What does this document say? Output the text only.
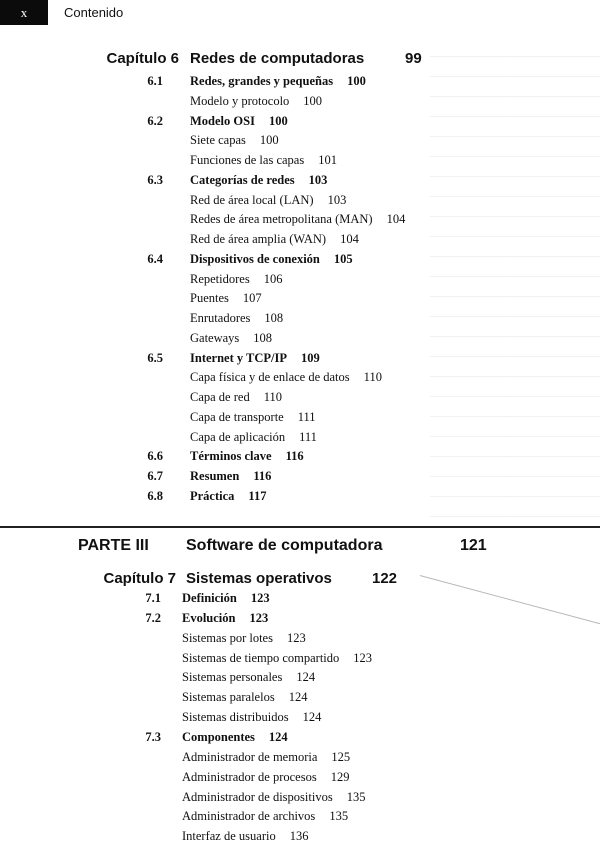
x	Contenido
Capítulo 6 Redes de computadoras	99
6.1 Redes, grandes y pequeñas 100
Modelo y protocolo 100
6.2 Modelo OSI 100
Siete capas 100
Funciones de las capas 101
6.3 Categorías de redes 103
Red de área local (LAN) 103
Redes de área metropolitana (MAN) 104
Red de área amplia (WAN) 104
6.4 Dispositivos de conexión 105
Repetidores 106
Puentes 107
Enrutadores 108
Gateways 108
6.5 Internet y TCP/IP 109
Capa física y de enlace de datos 110
Capa de red 110
Capa de transporte 111
Capa de aplicación 111
6.6 Términos clave 116
6.7 Resumen 116
6.8 Práctica 117
PARTE III Software de computadora	121
Capítulo 7 Sistemas operativos	122
7.1 Definición 123
7.2 Evolución 123
Sistemas por lotes 123
Sistemas de tiempo compartido 123
Sistemas personales 124
Sistemas paralelos 124
Sistemas distribuidos 124
7.3 Componentes 124
Administrador de memoria 125
Administrador de procesos 129
Administrador de dispositivos 135
Administrador de archivos 135
Interfaz de usuario 136
